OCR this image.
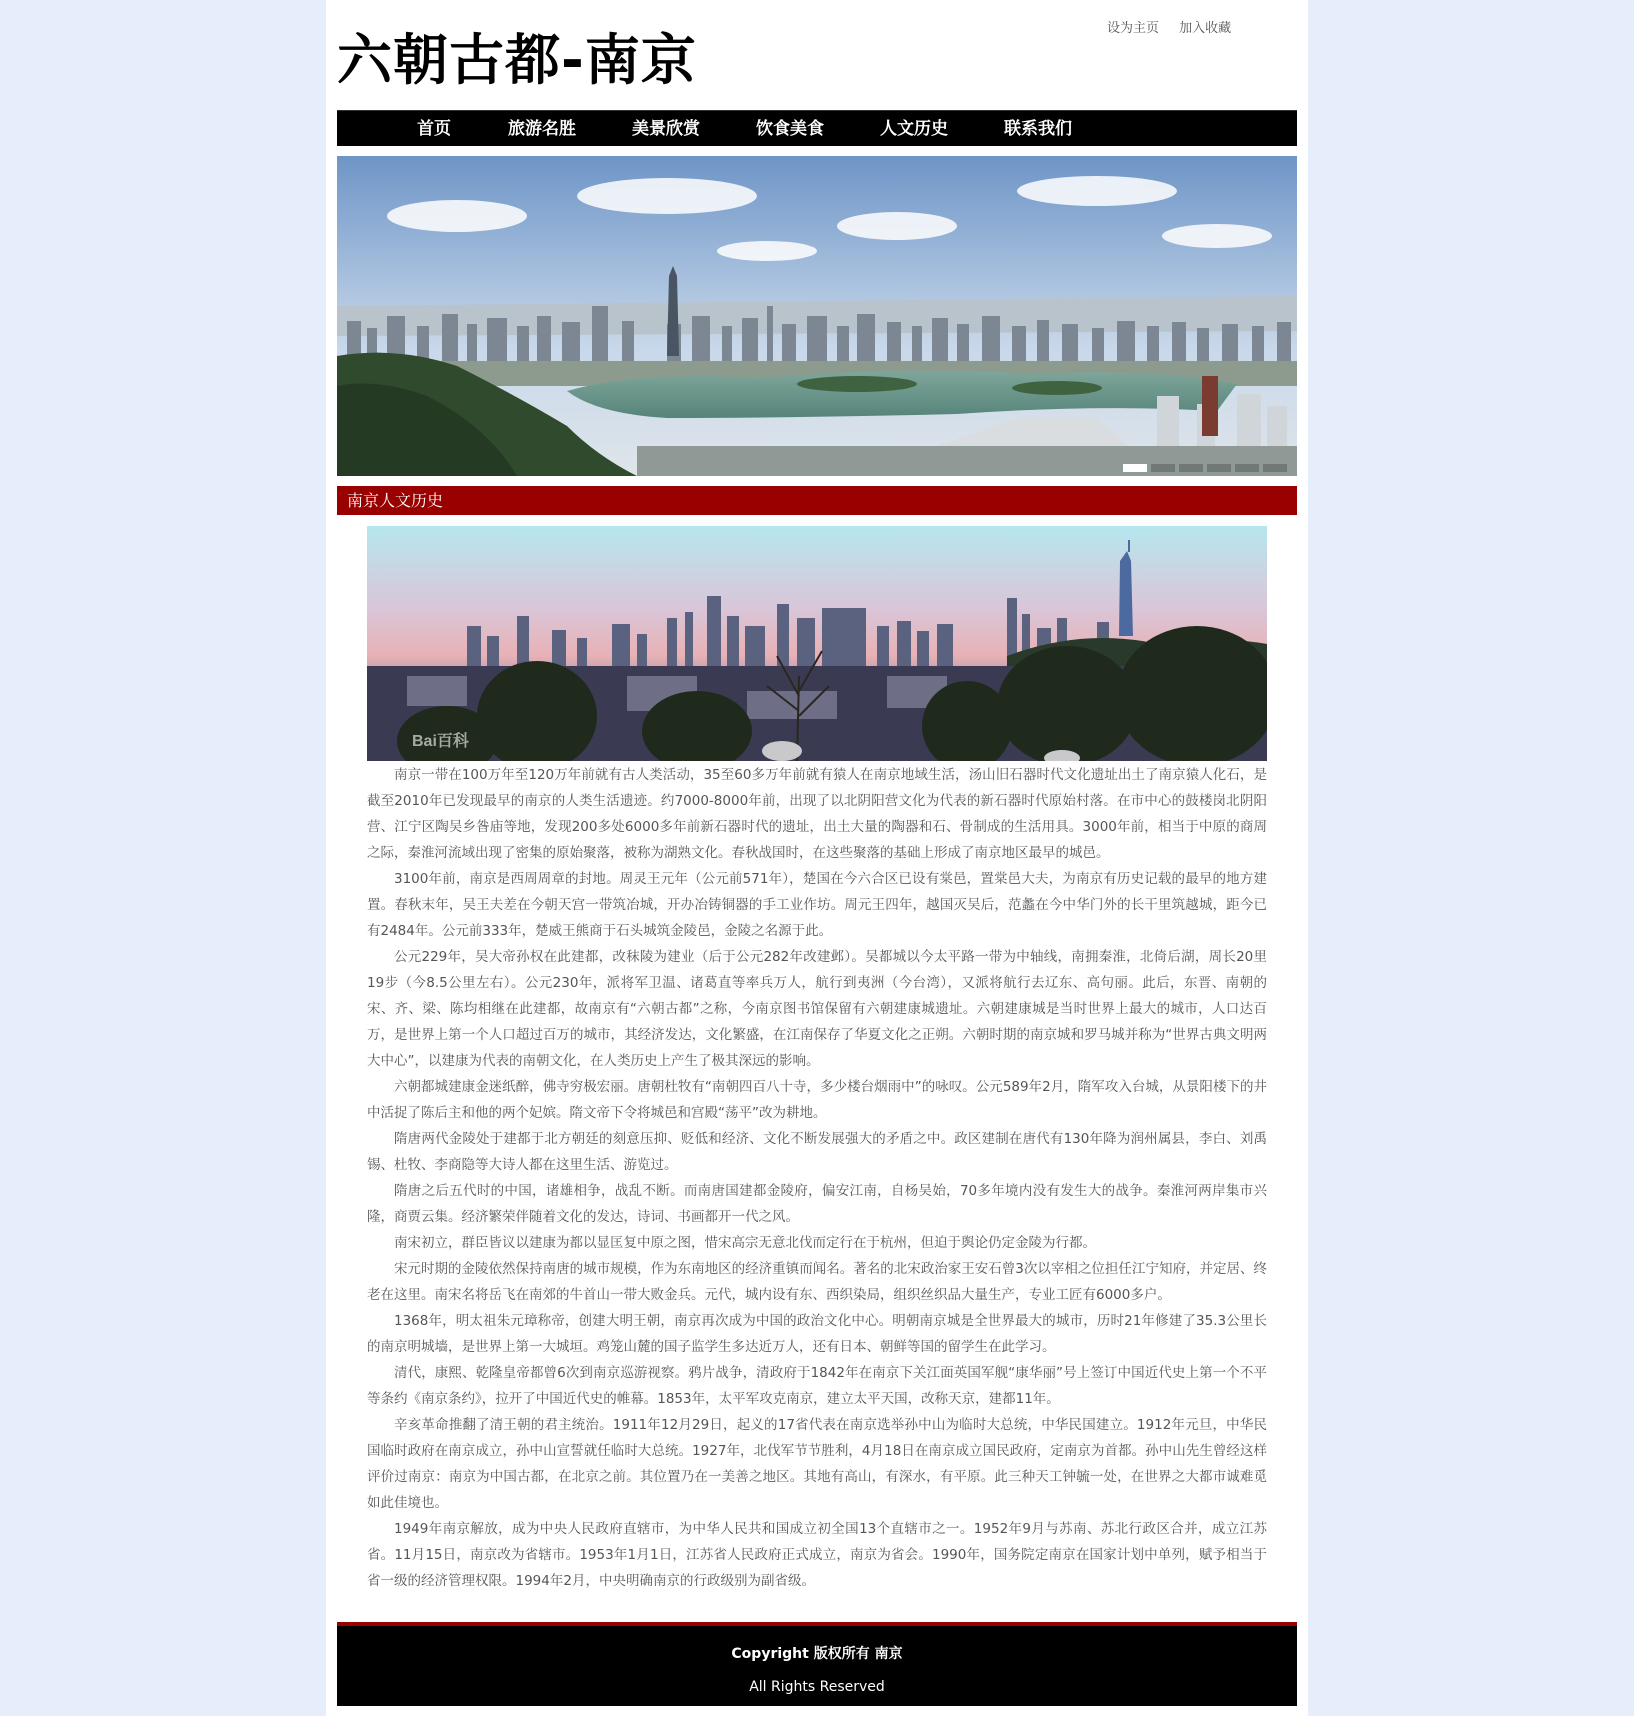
六朝古都-南京	设为主页 加入收藏
首页	旅游名胜	美景欣赏	饮食美食	人文历史	联系我们
南京人文历史
Bai百科

南京一带在100万年至120万年前就有古人类活动，35至60多万年前就有猿人在南京地域生活，汤山旧石器时代文化遗址出土了南京猿人化石，是截至2010年已发现最早的南京的人类生活遗迹。约7000-8000年前，出现了以北阴阳营文化为代表的新石器时代原始村落。在市中心的鼓楼岗北阴阳营、江宁区陶吴乡昝庙等地，发现200多处6000多年前新石器时代的遗址，出土大量的陶器和石、骨制成的生活用具。3000年前，相当于中原的商周之际，秦淮河流域出现了密集的原始聚落，被称为湖熟文化。春秋战国时，在这些聚落的基础上形成了南京地区最早的城邑。

3100年前，南京是西周周章的封地。周灵王元年（公元前571年），楚国在今六合区已设有棠邑，置棠邑大夫，为南京有历史记载的最早的地方建置。春秋末年，吴王夫差在今朝天宫一带筑冶城，开办冶铸铜器的手工业作坊。周元王四年，越国灭吴后，范蠡在今中华门外的长干里筑越城，距今已有2484年。公元前333年，楚威王熊商于石头城筑金陵邑，金陵之名源于此。

公元229年，吴大帝孙权在此建都，改秣陵为建业（后于公元282年改建邺）。吴都城以今太平路一带为中轴线，南拥秦淮，北倚后湖，周长20里19步（今8.5公里左右）。公元230年，派将军卫温、诸葛直等率兵万人，航行到夷洲（今台湾），又派将航行去辽东、高句丽。此后，东晋、南朝的宋、齐、梁、陈均相继在此建都，故南京有“六朝古都”之称，今南京图书馆保留有六朝建康城遗址。六朝建康城是当时世界上最大的城市，人口达百万，是世界上第一个人口超过百万的城市，其经济发达，文化繁盛，在江南保存了华夏文化之正朔。六朝时期的南京城和罗马城并称为“世界古典文明两大中心”，以建康为代表的南朝文化，在人类历史上产生了极其深远的影响。

六朝都城建康金迷纸醉，佛寺穷极宏丽。唐朝杜牧有“南朝四百八十寺，多少楼台烟雨中”的咏叹。公元589年2月，隋军攻入台城，从景阳楼下的井中活捉了陈后主和他的两个妃嫔。隋文帝下令将城邑和宫殿“荡平”改为耕地。

隋唐两代金陵处于建都于北方朝廷的刻意压抑、贬低和经济、文化不断发展强大的矛盾之中。政区建制在唐代有130年降为润州属县，李白、刘禹锡、杜牧、李商隐等大诗人都在这里生活、游览过。

隋唐之后五代时的中国，诸雄相争，战乱不断。而南唐国建都金陵府，偏安江南，自杨吴始，70多年境内没有发生大的战争。秦淮河两岸集市兴隆，商贾云集。经济繁荣伴随着文化的发达，诗词、书画都开一代之风。

南宋初立，群臣皆议以建康为都以显匡复中原之图，惜宋高宗无意北伐而定行在于杭州，但迫于舆论仍定金陵为行都。

宋元时期的金陵依然保持南唐的城市规模，作为东南地区的经济重镇而闻名。著名的北宋政治家王安石曾3次以宰相之位担任江宁知府，并定居、终老在这里。南宋名将岳飞在南郊的牛首山一带大败金兵。元代，城内设有东、西织染局，组织丝织品大量生产，专业工匠有6000多户。

1368年，明太祖朱元璋称帝，创建大明王朝，南京再次成为中国的政治文化中心。明朝南京城是全世界最大的城市，历时21年修建了35.3公里长的南京明城墙，是世界上第一大城垣。鸡笼山麓的国子监学生多达近万人，还有日本、朝鲜等国的留学生在此学习。

清代，康熙、乾隆皇帝都曾6次到南京巡游视察。鸦片战争，清政府于1842年在南京下关江面英国军舰“康华丽”号上签订中国近代史上第一个不平等条约《南京条约》，拉开了中国近代史的帷幕。1853年，太平军攻克南京，建立太平天国，改称天京，建都11年。

辛亥革命推翻了清王朝的君主统治。1911年12月29日，起义的17省代表在南京选举孙中山为临时大总统，中华民国建立。1912年元旦，中华民国临时政府在南京成立，孙中山宣誓就任临时大总统。1927年，北伐军节节胜利，4月18日在南京成立国民政府，定南京为首都。孙中山先生曾经这样评价过南京：南京为中国古都，在北京之前。其位置乃在一美善之地区。其地有高山，有深水，有平原。此三种天工钟毓一处，在世界之大都市诚难觅如此佳境也。

1949年南京解放，成为中央人民政府直辖市，为中华人民共和国成立初全国13个直辖市之一。1952年9月与苏南、苏北行政区合并，成立江苏省。11月15日，南京改为省辖市。1953年1月1日，江苏省人民政府正式成立，南京为省会。1990年，国务院定南京在国家计划中单列，赋予相当于省一级的经济管理权限。1994年2月，中央明确南京的行政级别为副省级。

Copyright 版权所有 南京
All Rights Reserved
